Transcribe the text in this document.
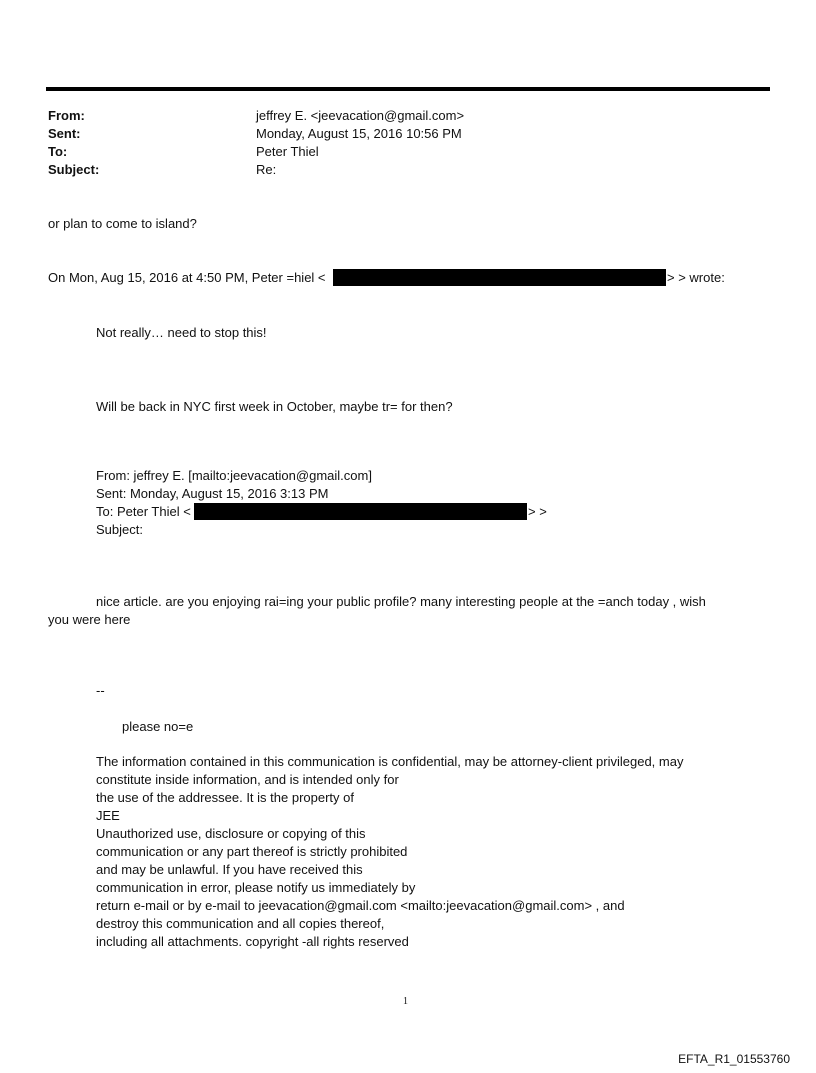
From:	jeffrey E. <jeevacation@gmail.com>
Sent:	Monday, August 15, 2016 10:56 PM
To:	Peter Thiel
Subject:	Re:
or plan to come to island?
On Mon, Aug 15, 2016 at 4:50 PM, Peter =hiel <	> > wrote:
Not really… need to stop this!
Will be back in NYC first week in October, maybe tr= for then?
From: jeffrey E. [mailto:jeevacation@gmail.com]
Sent: Monday, August 15, 2016 3:13 PM
To: Peter Thiel <	> >
Subject:
nice article. are you enjoying rai=ing your public profile? many interesting people at the =anch today , wish
you were here
--
please no=e
The information contained in this communication is confidential, may be attorney-client privileged, may
constitute inside information, and is intended only for
the use of the addressee. It is the property of
JEE
Unauthorized use, disclosure or copying of this
communication or any part thereof is strictly prohibited
and may be unlawful. If you have received this
communication in error, please notify us immediately by
return e-mail or by e-mail to jeevacation@gmail.com <mailto:jeevacation@gmail.com> , and
destroy this communication and all copies thereof,
including all attachments. copyright -all rights reserved
1
EFTA_R1_01553760
